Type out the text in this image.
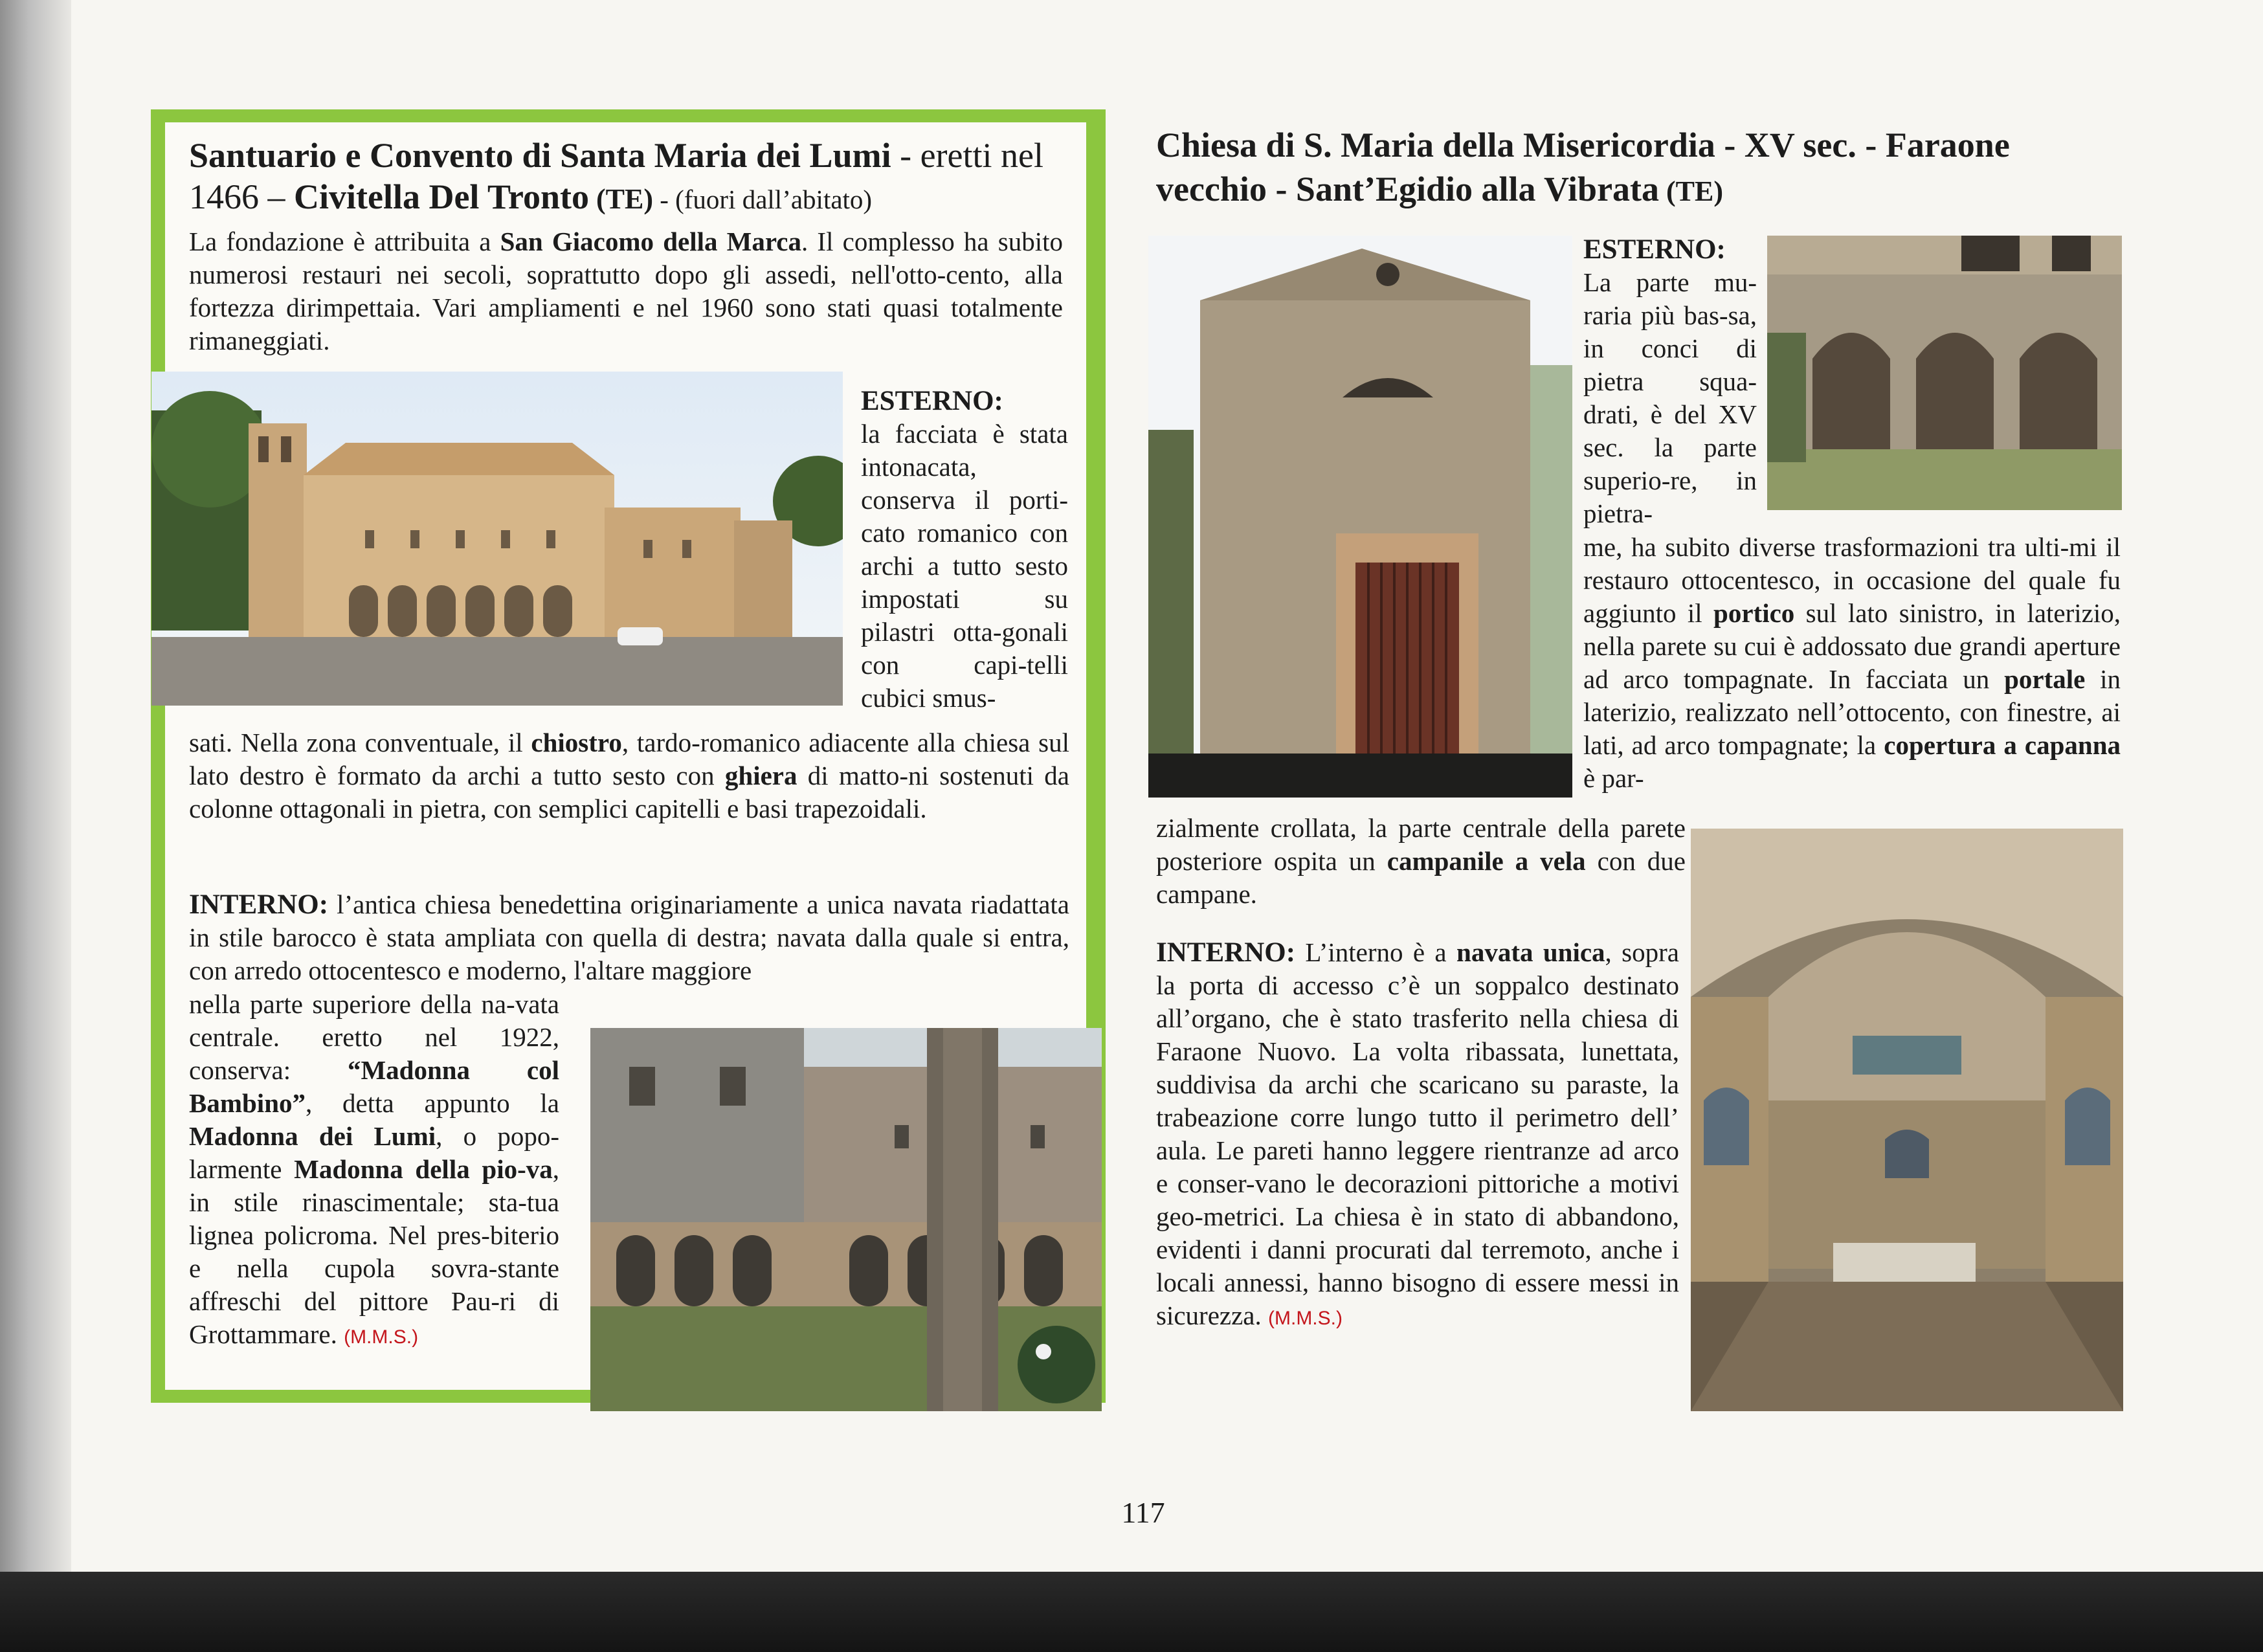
Santuario e Convento di Santa Maria dei Lumi - eretti nel 1466 – Civitella Del Tronto (TE) - (fuori dall’abitato)

La fondazione è attribuita a San Giacomo della Marca. Il complesso ha subito numerosi restauri nei secoli, soprattutto dopo gli assedi, nell'otto-cento, alla fortezza dirimpettaia. Vari ampliamenti e nel 1960 sono stati quasi totalmente rimaneggiati.

ESTERNO:
la facciata è stata intonacata, conserva il porti-cato romanico con archi a tutto sesto impostati su pilastri otta-gonali con capi-telli cubici smus-

sati. Nella zona conventuale, il chiostro, tardo-romanico adiacente alla chiesa sul lato destro è formato da archi a tutto sesto con ghiera di matto-ni sostenuti da colonne ottagonali in pietra, con semplici capitelli e basi trapezoidali.

INTERNO: l’antica chiesa benedettina originariamente a unica navata riadattata in stile barocco è stata ampliata con quella di destra; navata dalla quale si entra, con arredo ottocentesco e moderno, l'altare maggiore

nella parte superiore della na-vata centrale. eretto nel 1922, conserva: “Madonna col Bambino”, detta appunto la Madonna dei Lumi, o popo-larmente Madonna della pio-va, in stile rinascimentale; sta-tua lignea policroma. Nel pres-biterio e nella cupola sovra-stante affreschi del pittore Pau-ri di Grottammare. (M.M.S.)

Chiesa di S. Maria della Misericordia - XV sec. - Faraone vecchio - Sant’Egidio alla Vibrata (TE)

ESTERNO:
La parte mu-raria più bas-sa, in conci di pietra squa-drati, è del XV sec. la parte superio-re, in pietra-

me, ha subito diverse trasformazioni tra ulti-mi il restauro ottocentesco, in occasione del quale fu aggiunto il portico sul lato sinistro, in laterizio, nella parete su cui è addossato due grandi aperture ad arco tompagnate. In facciata un portale in laterizio, realizzato nell’ottocento, con finestre, ai lati, ad arco tompagnate; la copertura a capanna è par-

zialmente crollata, la parte centrale della parete posteriore ospita un campanile a vela con due campane.

INTERNO: L’interno è a navata unica, sopra la porta di accesso c’è un soppalco destinato all’organo, che è stato trasferito nella chiesa di Faraone Nuovo. La volta ribassata, lunettata, suddivisa da archi che scaricano su paraste, la trabeazione corre lungo tutto il perimetro dell’ aula. Le pareti hanno leggere rientranze ad arco e conser-vano le decorazioni pittoriche a motivi geo-metrici. La chiesa è in stato di abbandono, evidenti i danni procurati dal terremoto, anche i locali annessi, hanno bisogno di essere messi in sicurezza. (M.M.S.)

117
